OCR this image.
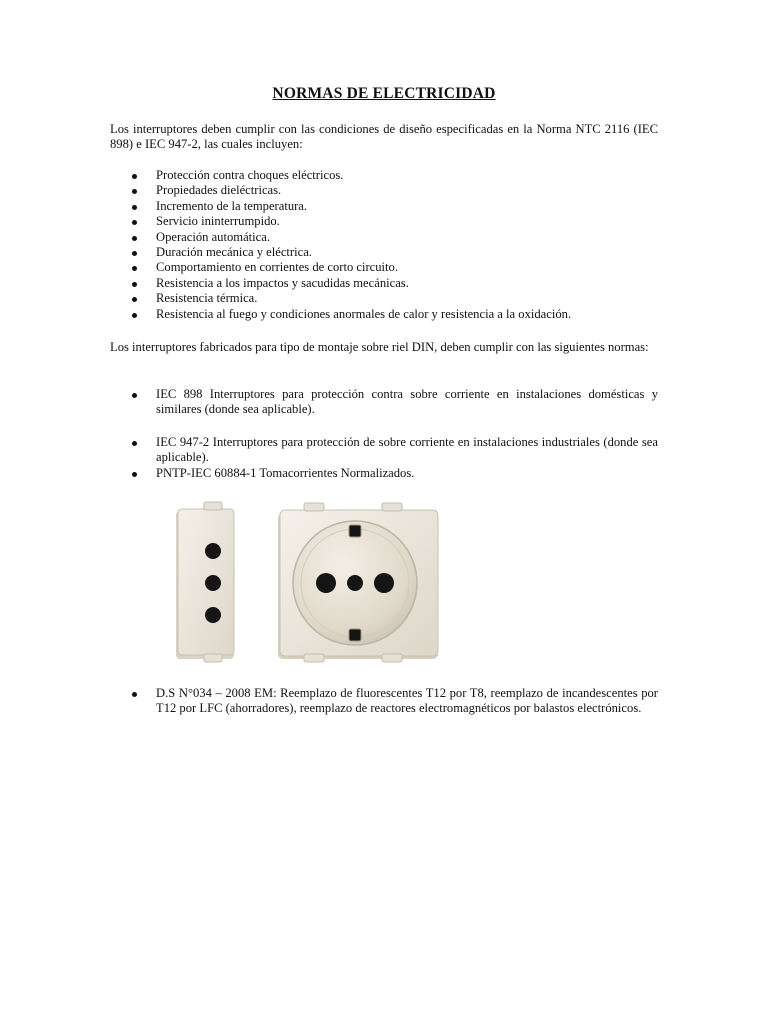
NORMAS DE ELECTRICIDAD
Los interruptores deben cumplir con las condiciones de diseño especificadas en la Norma NTC 2116 (IEC 898) e IEC 947-2, las cuales incluyen:
Protección contra choques eléctricos.
Propiedades dieléctricas.
Incremento de la temperatura.
Servicio ininterrumpido.
Operación automática.
Duración mecánica y eléctrica.
Comportamiento en corrientes de corto circuito.
Resistencia a los impactos y sacudidas mecánicas.
Resistencia térmica.
Resistencia al fuego y condiciones anormales de calor y resistencia a la oxidación.
Los interruptores fabricados para tipo de montaje sobre riel DIN, deben cumplir con las siguientes normas:
IEC 898 Interruptores para protección contra sobre corriente en instalaciones domésticas y similares (donde sea aplicable).
IEC 947-2 Interruptores para protección de sobre corriente en instalaciones industriales (donde sea aplicable).
PNTP-IEC 60884-1 Tomacorrientes Normalizados.
D.S N°034 – 2008 EM: Reemplazo de fluorescentes T12 por T8, reemplazo de incandescentes por T12 por LFC (ahorradores), reemplazo de reactores electromagnéticos por balastos electrónicos.
